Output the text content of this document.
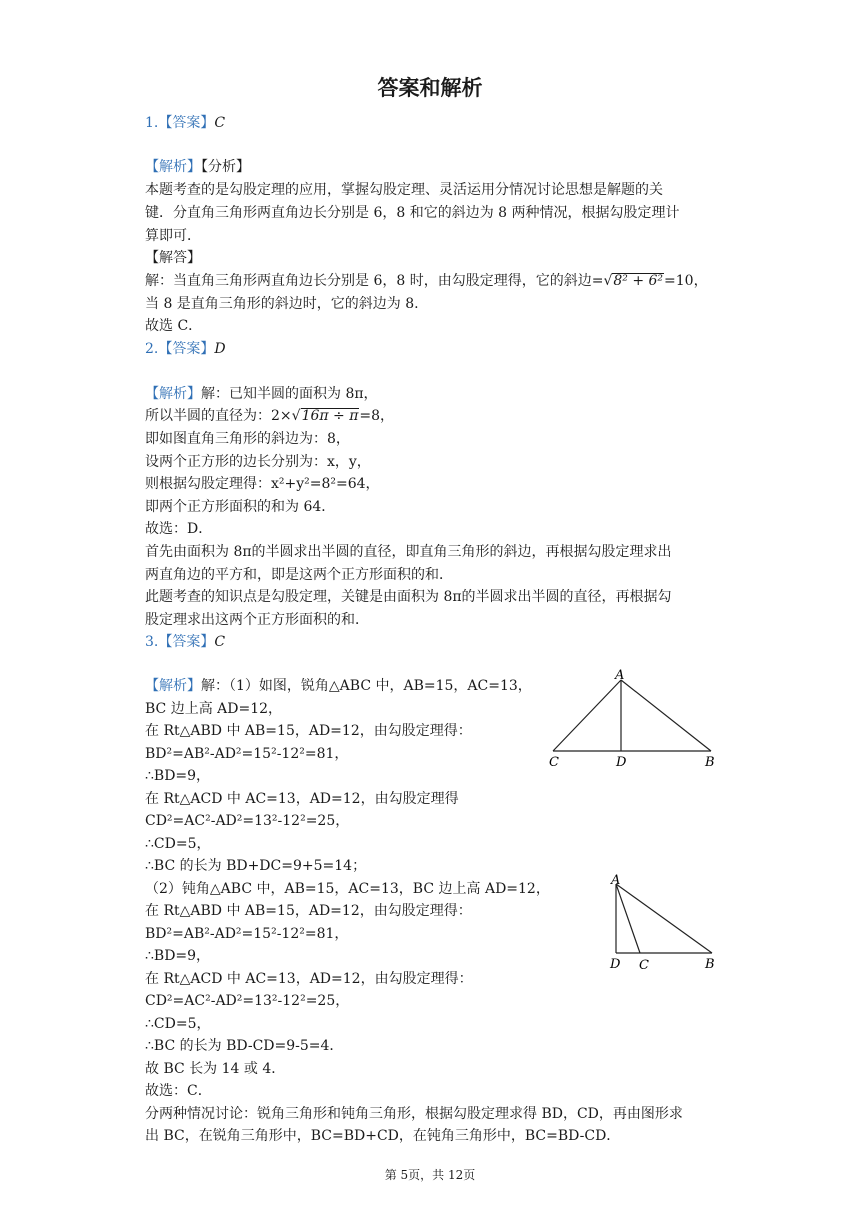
答案和解析
1.【答案】C
【解析】【分析】
本题考查的是勾股定理的应用，掌握勾股定理、灵活运用分情况讨论思想是解题的关
键．分直角三角形两直角边长分别是 6，8 和它的斜边为 8 两种情况，根据勾股定理计
算即可．
【解答】
解：当直角三角形两直角边长分别是 6，8 时，由勾股定理得，它的斜边=√8² + 6²=10，
当 8 是直角三角形的斜边时，它的斜边为 8.
故选 C．
2.【答案】D
【解析】解：已知半圆的面积为 8π，
所以半圆的直径为：2×√16π ÷ π=8，
即如图直角三角形的斜边为：8，
设两个正方形的边长分别为：x，y，
则根据勾股定理得：x²+y²=8²=64，
即两个正方形面积的和为 64．
故选：D．
首先由面积为 8π的半圆求出半圆的直径，即直角三角形的斜边，再根据勾股定理求出
两直角边的平方和，即是这两个正方形面积的和．
此题考查的知识点是勾股定理，关键是由面积为 8π的半圆求出半圆的直径，再根据勾
股定理求出这两个正方形面积的和．
3.【答案】C
【解析】解：（1）如图，锐角△ABC 中，AB=15，AC=13，
BC 边上高 AD=12，
在 Rt△ABD 中 AB=15，AD=12，由勾股定理得：
BD²=AB²-AD²=15²-12²=81，
∴BD=9，
在 Rt△ACD 中 AC=13，AD=12，由勾股定理得
CD²=AC²-AD²=13²-12²=25，
∴CD=5，
∴BC 的长为 BD+DC=9+5=14；
（2）钝角△ABC 中，AB=15，AC=13，BC 边上高 AD=12，
在 Rt△ABD 中 AB=15，AD=12，由勾股定理得：
BD²=AB²-AD²=15²-12²=81，
∴BD=9，
在 Rt△ACD 中 AC=13，AD=12，由勾股定理得：
CD²=AC²-AD²=13²-12²=25，
∴CD=5，
∴BC 的长为 BD-CD=9-5=4．
故 BC 长为 14 或 4．
故选：C．
分两种情况讨论：锐角三角形和钝角三角形，根据勾股定理求得 BD，CD，再由图形求
出 BC，在锐角三角形中，BC=BD+CD，在钝角三角形中，BC=BD-CD．
A
C	D	B
A
D C	B
第 5页，共 12页
